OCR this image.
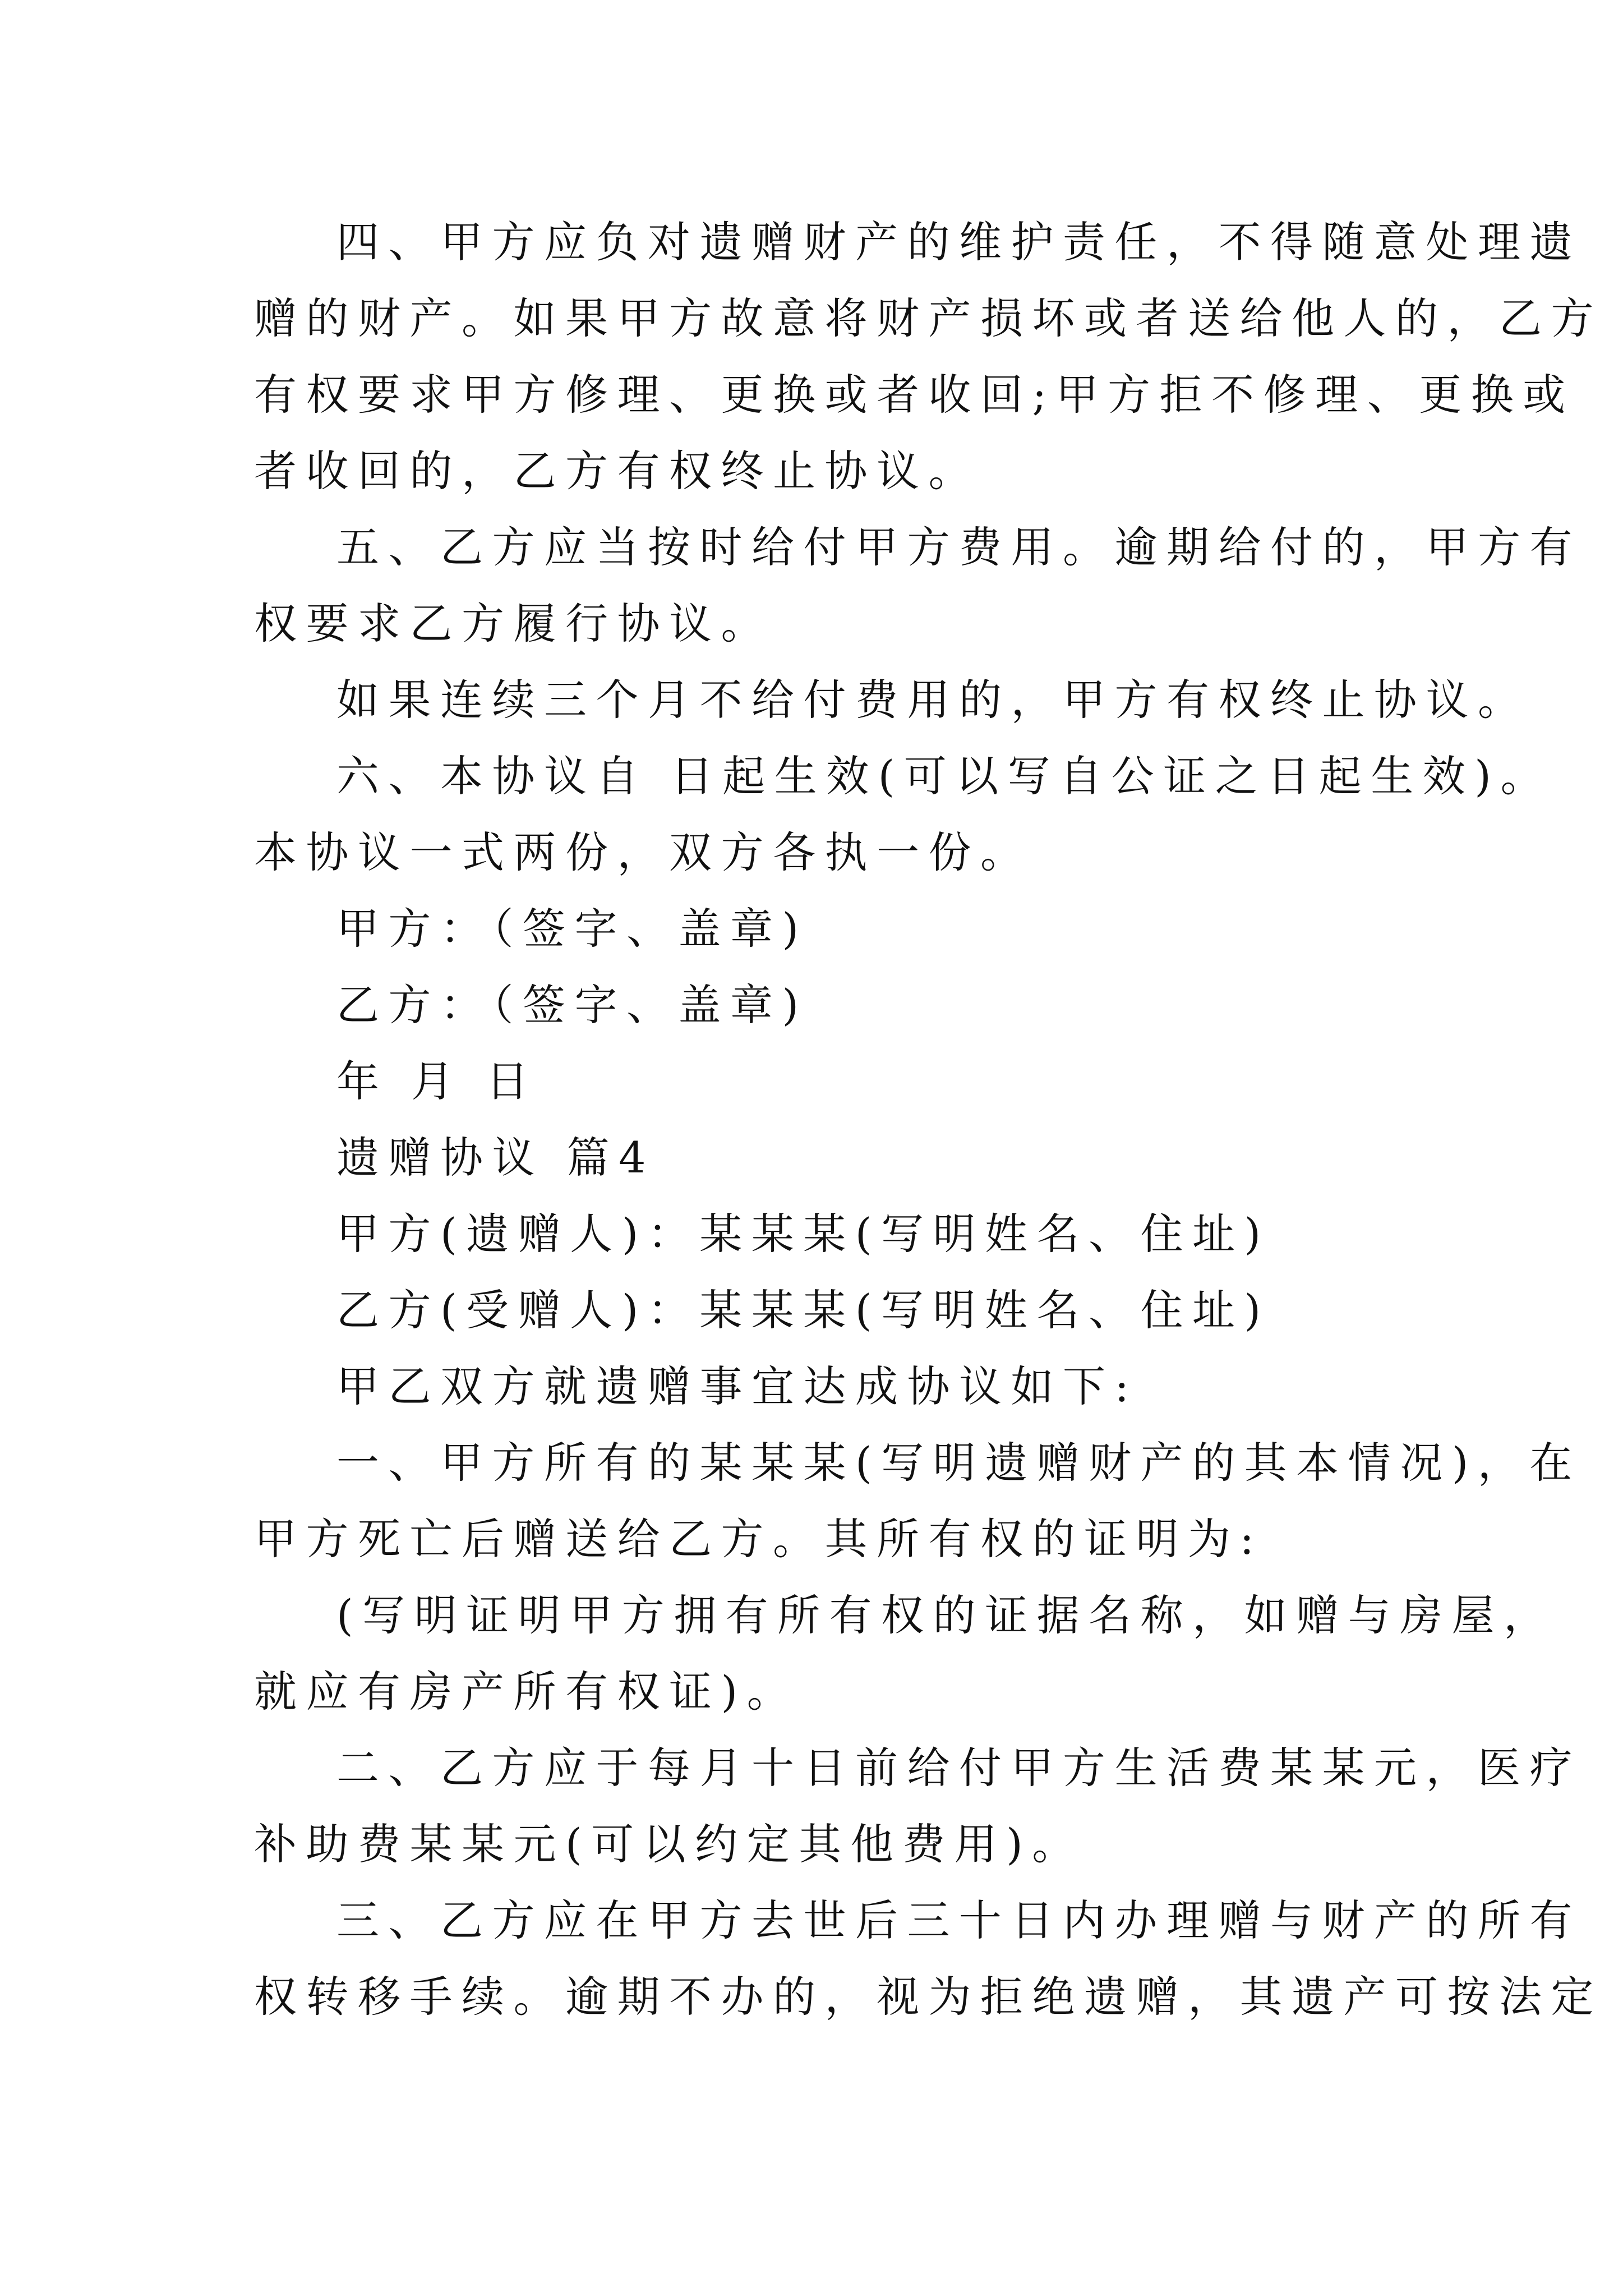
四、甲方应负对遗赠财产的维护责任，不得随意处理遗

赠的财产。如果甲方故意将财产损坏或者送给他人的，乙方

有权要求甲方修理、更换或者收回;甲方拒不修理、更换或

者收回的，乙方有权终止协议。

五、乙方应当按时给付甲方费用。逾期给付的，甲方有

权要求乙方履行协议。

如果连续三个月不给付费用的，甲方有权终止协议。

六、本协议自 日起生效(可以写自公证之日起生效)。

本协议一式两份，双方各执一份。

甲方：（签字、盖章)

乙方：（签字、盖章)

年 月 日

遗赠协议 篇4

甲方(遗赠人)：某某某(写明姓名、住址)

乙方(受赠人)：某某某(写明姓名、住址)

甲乙双方就遗赠事宜达成协议如下:

一、甲方所有的某某某(写明遗赠财产的其本情况)，在

甲方死亡后赠送给乙方。其所有权的证明为:

(写明证明甲方拥有所有权的证据名称，如赠与房屋，

就应有房产所有权证)。

二、乙方应于每月十日前给付甲方生活费某某元，医疗

补助费某某元(可以约定其他费用)。

三、乙方应在甲方去世后三十日内办理赠与财产的所有

权转移手续。逾期不办的，视为拒绝遗赠，其遗产可按法定
